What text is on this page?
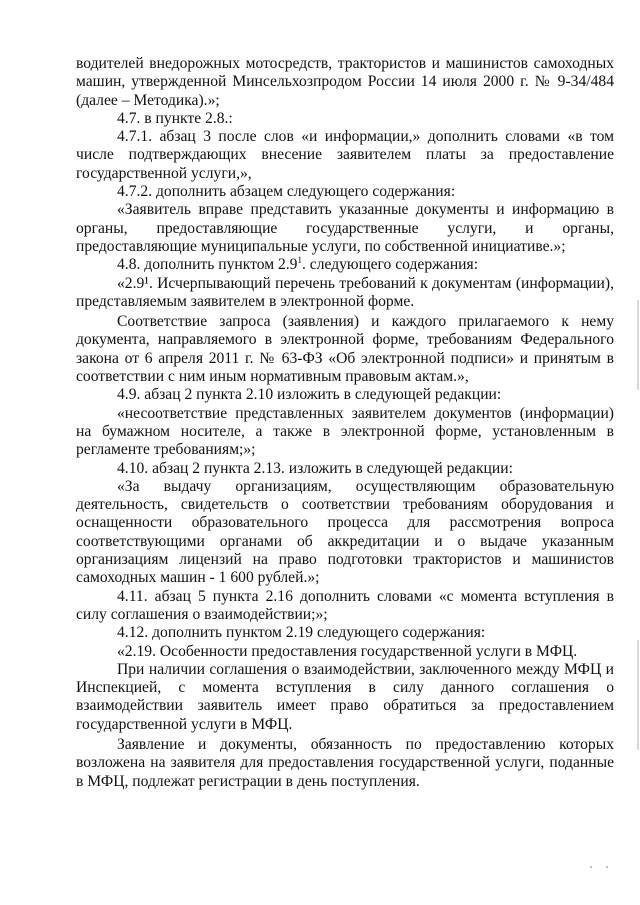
водителей внедорожных мотосредств, трактористов и машинистов самоходных машин, утвержденной Минсельхозпродом России 14 июля 2000 г. № 9-34/484 (далее – Методика).»;

4.7. в пункте 2.8.:

4.7.1. абзац 3 после слов «и информации,» дополнить словами «в том числе подтверждающих внесение заявителем платы за предоставление государственной услуги,»,

4.7.2. дополнить абзацем следующего содержания:

«Заявитель вправе представить указанные документы и информацию в органы, предоставляющие государственные услуги, и органы, предоставляющие муниципальные услуги, по собственной инициативе.»;

4.8. дополнить пунктом $2.9^1$. следующего содержания:

«2.9¹. Исчерпывающий перечень требований к документам (информации), представляемым заявителем в электронной форме.

Соответствие запроса (заявления) и каждого прилагаемого к нему документа, направляемого в электронной форме, требованиям Федерального закона от 6 апреля 2011 г. № 63-ФЗ «Об электронной подписи» и принятым в соответствии с ним иным нормативным правовым актам.»,

4.9. абзац 2 пункта 2.10 изложить в следующей редакции:

«несоответствие представленных заявителем документов (информации) на бумажном носителе, а также в электронной форме, установленным в регламенте требованиям;»;

4.10. абзац 2 пункта 2.13. изложить в следующей редакции:

«За выдачу организациям, осуществляющим образовательную деятельность, свидетельств о соответствии требованиям оборудования и оснащенности образовательного процесса для рассмотрения вопроса соответствующими органами об аккредитации и о выдаче указанным организациям лицензий на право подготовки трактористов и машинистов самоходных машин - 1 600 рублей.»;

4.11. абзац 5 пункта 2.16 дополнить словами «с момента вступления в силу соглашения о взаимодействии;»;

4.12. дополнить пунктом 2.19 следующего содержания:

«2.19. Особенности предоставления государственной услуги в МФЦ.

При наличии соглашения о взаимодействии, заключенного между МФЦ и Инспекцией, с момента вступления в силу данного соглашения о взаимодействии заявитель имеет право обратиться за предоставлением государственной услуги в МФЦ.

Заявление и документы, обязанность по предоставлению которых возложена на заявителя для предоставления государственной услуги, поданные в МФЦ, подлежат регистрации в день поступления.
